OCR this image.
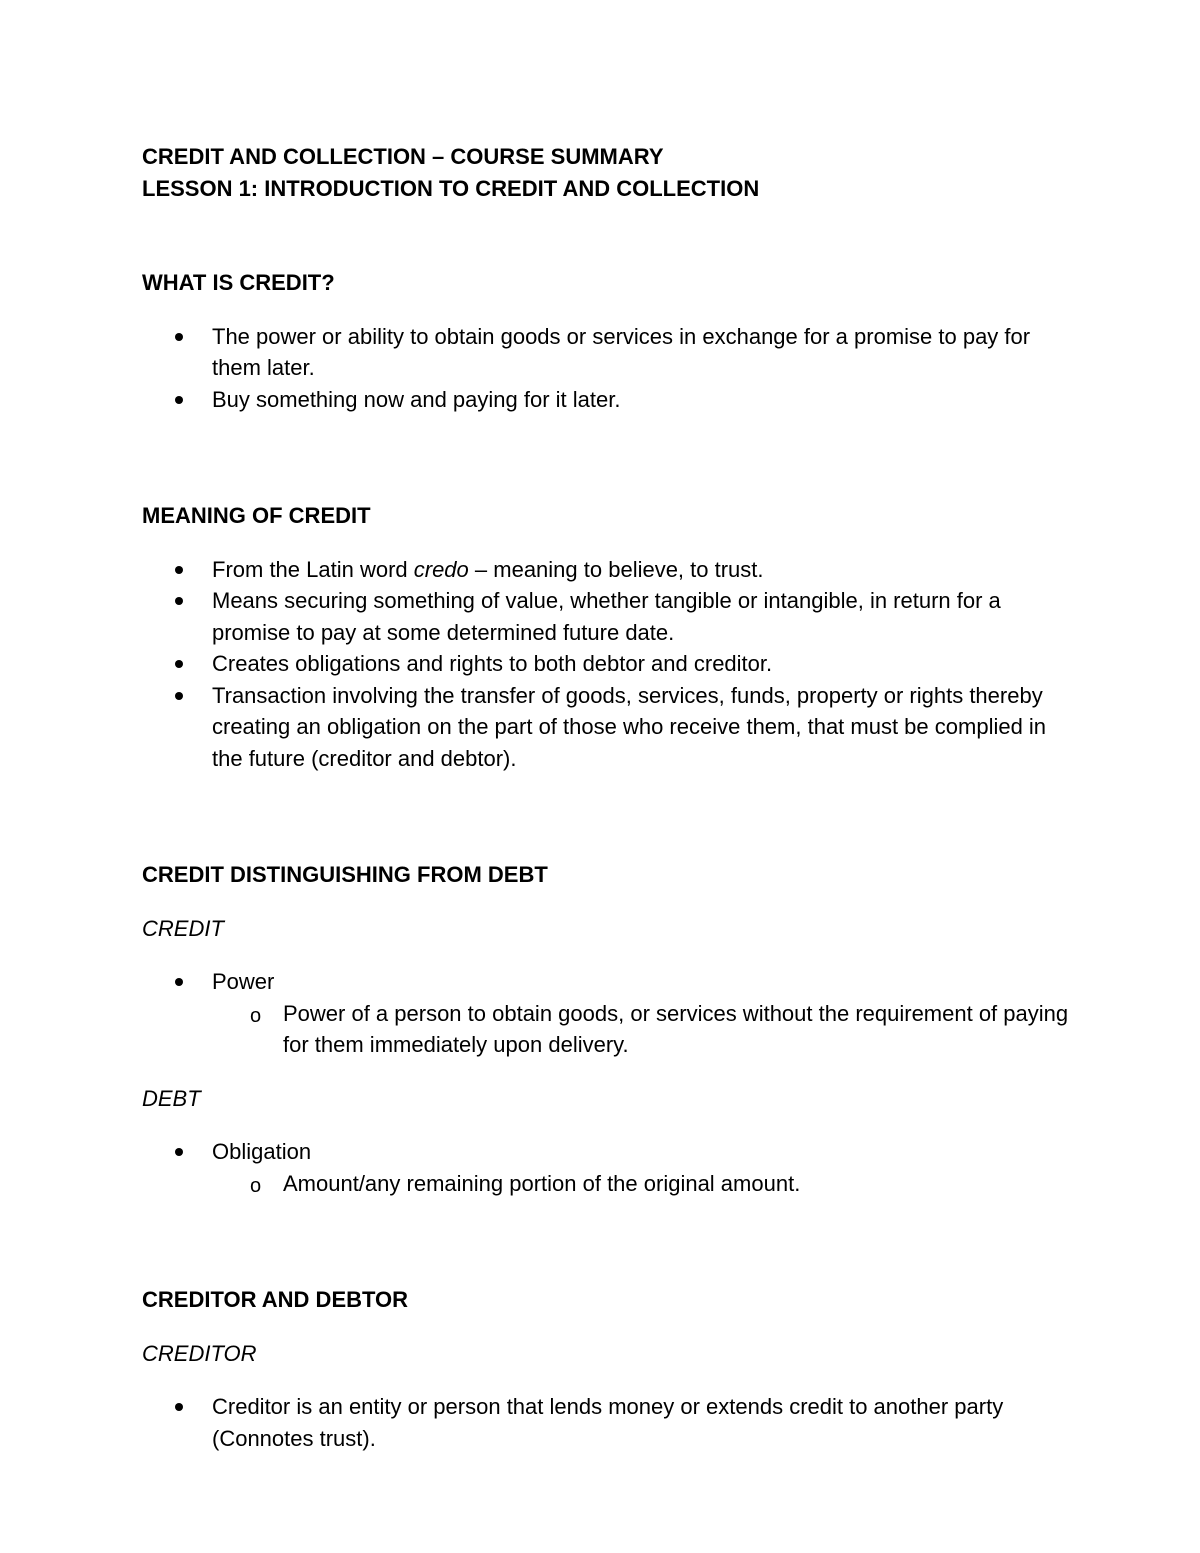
CREDIT AND COLLECTION – COURSE SUMMARY

LESSON 1: INTRODUCTION TO CREDIT AND COLLECTION

WHAT IS CREDIT?

The power or ability to obtain goods or services in exchange for a promise to pay for them later.
Buy something now and paying for it later.

MEANING OF CREDIT

From the Latin word credo – meaning to believe, to trust.
Means securing something of value, whether tangible or intangible, in return for a promise to pay at some determined future date.
Creates obligations and rights to both debtor and creditor.
Transaction involving the transfer of goods, services, funds, property or rights thereby creating an obligation on the part of those who receive them, that must be complied in the future (creditor and debtor).

CREDIT DISTINGUISHING FROM DEBT

CREDIT

Power
o Power of a person to obtain goods, or services without the requirement of paying for them immediately upon delivery.

DEBT

Obligation
o Amount/any remaining portion of the original amount.

CREDITOR AND DEBTOR

CREDITOR

Creditor is an entity or person that lends money or extends credit to another party (Connotes trust).
